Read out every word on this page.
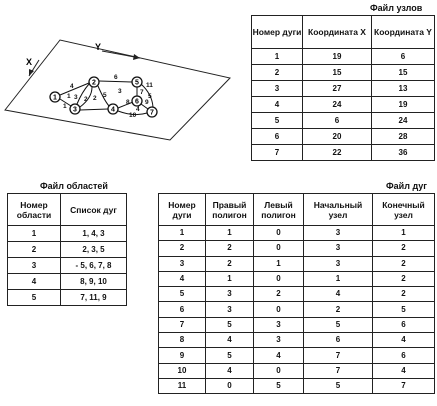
Y
X
1
2
3
4
5
6
7
8 9
10
11
1	2
3
4
5
1
2
3	4
5
6
7
Файл узлов
Номер дуги	Координата X	Координата Y
1	19	6
2	15	15
3	27	13
4	24	19
5	6	24
6	20	28
7	22	36
Файл областей
Номер области	Список дуг
1	1, 4, 3
2	2, 3, 5
3	- 5, 6, 7, 8
4	8, 9, 10
5	7, 11, 9
Файл дуг
Номер дуги	Правый полигон	Левый полигон	Начальный узел	Конечный узел
1	1	0	3	1
2	2	0	3	2
3	2	1	3	2
4	1	0	1	2
5	3	2	4	2
6	3	0	2	5
7	5	3	5	6
8	4	3	6	4
9	5	4	7	6
10	4	0	7	4
11	0	5	5	7
